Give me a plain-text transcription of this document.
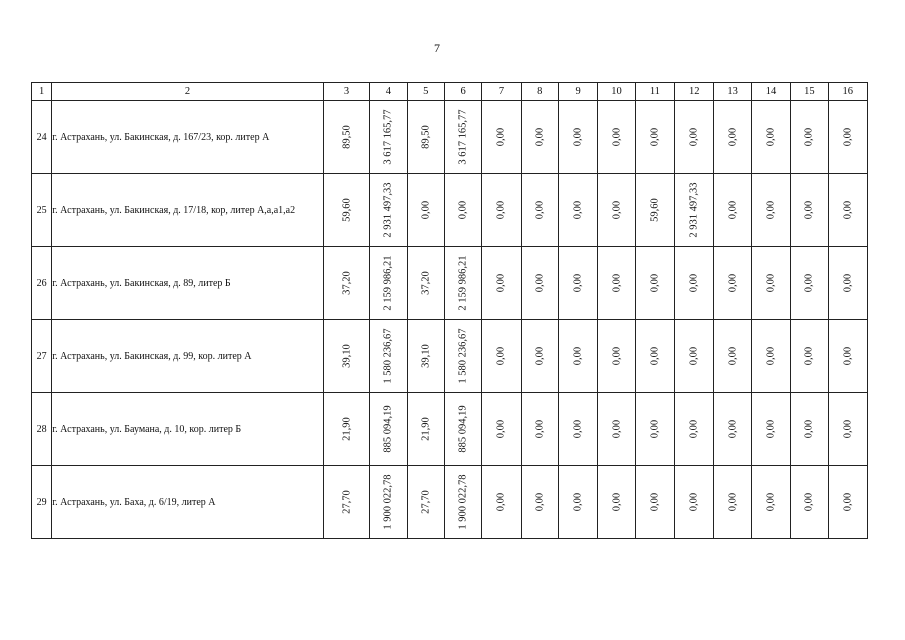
7
1	2	3	4	5	6	7	8	9	10	11	12	13	14	15	16
24	г. Астрахань, ул. Бакинская, д. 167/23, кор. литер А	89,50	3 617 165,77	89,50	3 617 165,77	0,00	0,00	0,00	0,00	0,00	0,00	0,00	0,00	0,00	0,00

25	г. Астрахань, ул. Бакинская, д. 17/18, кор, литер А,а,а1,а2	59,60	2 931 497,33	0,00	0,00	0,00	0,00	0,00	0,00	59,60	2 931 497,33	0,00	0,00	0,00	0,00

26	г. Астрахань, ул. Бакинская, д. 89, литер Б	37,20	2 159 986,21	37,20	2 159 986,21	0,00	0,00	0,00	0,00	0,00	0,00	0,00	0,00	0,00	0,00

27	г. Астрахань, ул. Бакинская, д. 99, кор. литер А	39,10	1 580 236,67	39,10	1 580 236,67	0,00	0,00	0,00	0,00	0,00	0,00	0,00	0,00	0,00	0,00

28	г. Астрахань, ул. Баумана, д. 10, кор. литер Б	21,90	885 094,19	21,90	885 094,19	0,00	0,00	0,00	0,00	0,00	0,00	0,00	0,00	0,00	0,00

29	г. Астрахань, ул. Баха, д. 6/19, литер А	27,70	1 900 022,78	27,70	1 900 022,78	0,00	0,00	0,00	0,00	0,00	0,00	0,00	0,00	0,00	0,00
